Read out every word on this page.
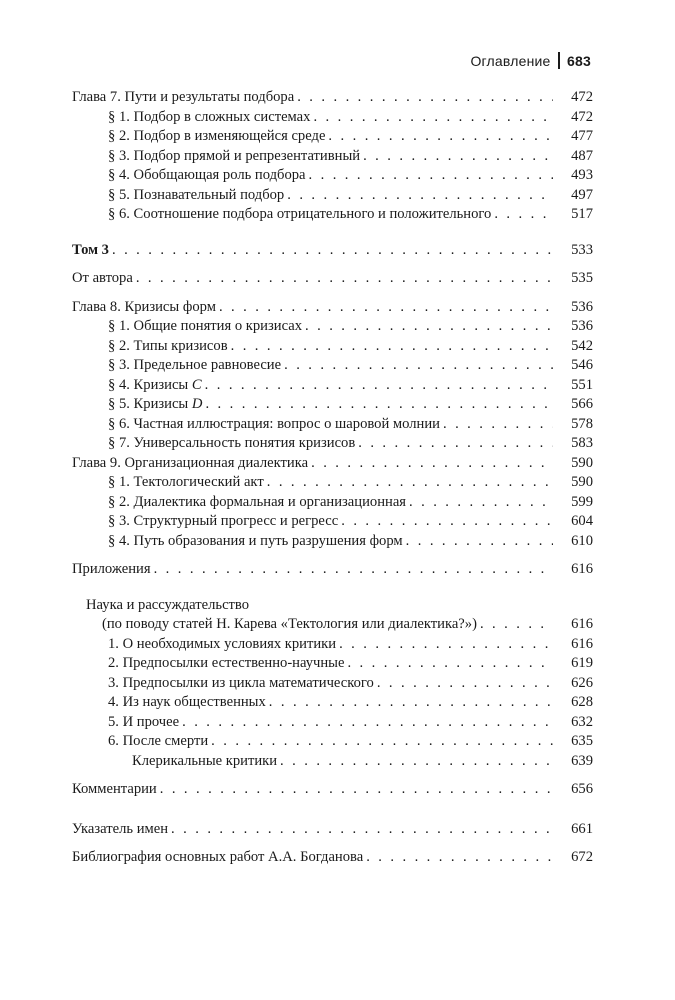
Оглавление 683
Глава 7. Пути и результаты подбора . . .	472
§ 1. Подбор в сложных системах . . .	472
§ 2. Подбор в изменяющейся среде . . .	477
§ 3. Подбор прямой и репрезентативный . . .	487
§ 4. Обобщающая роль подбора . . .	493
§ 5. Познавательный подбор . . .	497
§ 6. Соотношение подбора отрицательного и положительного . . .	517
Том 3 . . .	533
От автора . . .	535
Глава 8. Кризисы форм . . .	536
§ 1. Общие понятия о кризисах . . .	536
§ 2. Типы кризисов . . .	542
§ 3. Предельное равновесие . . .	546
§ 4. Кризисы C . . .	551
§ 5. Кризисы D . . .	566
§ 6. Частная иллюстрация: вопрос о шаровой молнии . . .	578
§ 7. Универсальность понятия кризисов . . .	583
Глава 9. Организационная диалектика . . .	590
§ 1. Тектологический акт . . .	590
§ 2. Диалектика формальная и организационная . . .	599
§ 3. Структурный прогресс и регресс . . .	604
§ 4. Путь образования и путь разрушения форм . . .	610
Приложения . . .	616
Наука и рассуждательство
(по поводу статей Н. Карева «Тектология или диалектика?») . . .	616
1. О необходимых условиях критики . . .	616
2. Предпосылки естественно-научные . . .	619
3. Предпосылки из цикла математического . . .	626
4. Из наук общественных . . .	628
5. И прочее . . .	632
6. После смерти . . .	635
Клерикальные критики . . .	639
Комментарии . . .	656
Указатель имен . . .	661
Библиография основных работ А.А. Богданова . . .	672
